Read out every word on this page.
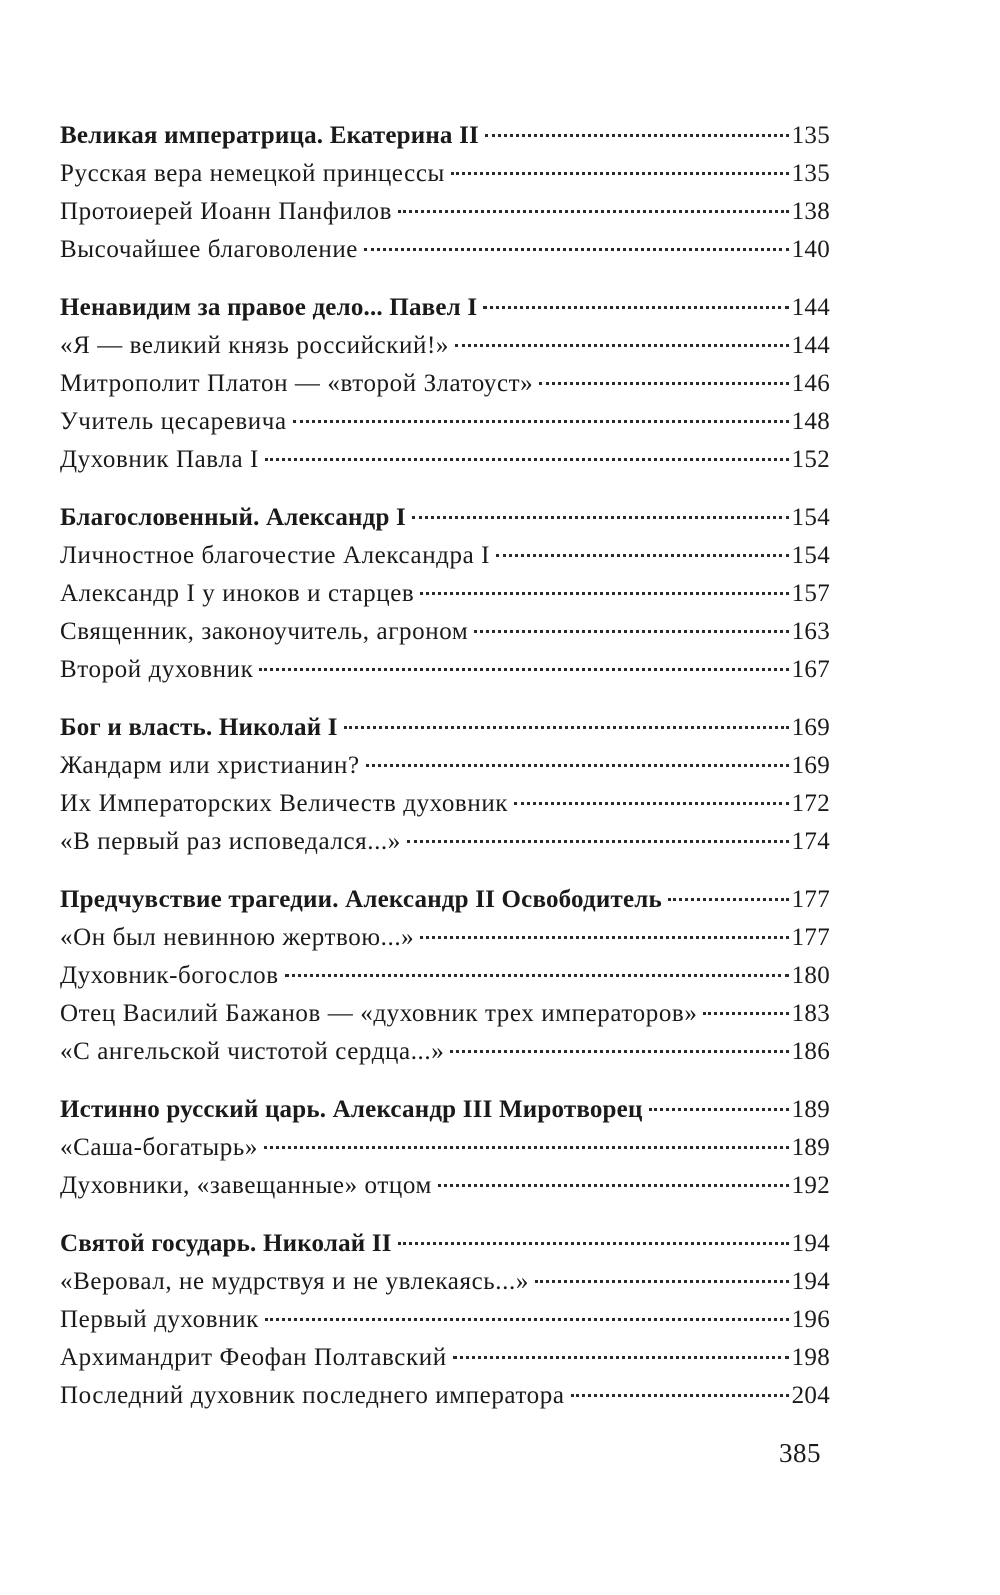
Великая императрица. Екатерина II	135
Русская вера немецкой принцессы	135
Протоиерей Иоанн Панфилов	138
Высочайшее благоволение	140
Ненавидим за правое дело... Павел I	144
«Я — великий князь российский!»	144
Митрополит Платон — «второй Златоуст»	146
Учитель цесаревича	148
Духовник Павла I	152
Благословенный. Александр I	154
Личностное благочестие Александра I	154
Александр I у иноков и старцев	157
Священник, законоучитель, агроном	163
Второй духовник	167
Бог и власть. Николай I	169
Жандарм или христианин?	169
Их Императорских Величеств духовник	172
«В первый раз исповедался...»	174
Предчувствие трагедии. Александр II Освободитель	177
«Он был невинною жертвою...»	177
Духовник-богослов	180
Отец Василий Бажанов — «духовник трех императоров»	183
«С ангельской чистотой сердца...»	186
Истинно русский царь. Александр III Миротворец	189
«Саша-богатырь»	189
Духовники, «завещанные» отцом	192
Святой государь. Николай II	194
«Веровал, не мудрствуя и не увлекаясь...»	194
Первый духовник	196
Архимандрит Феофан Полтавский	198
Последний духовник последнего императора	204
385
